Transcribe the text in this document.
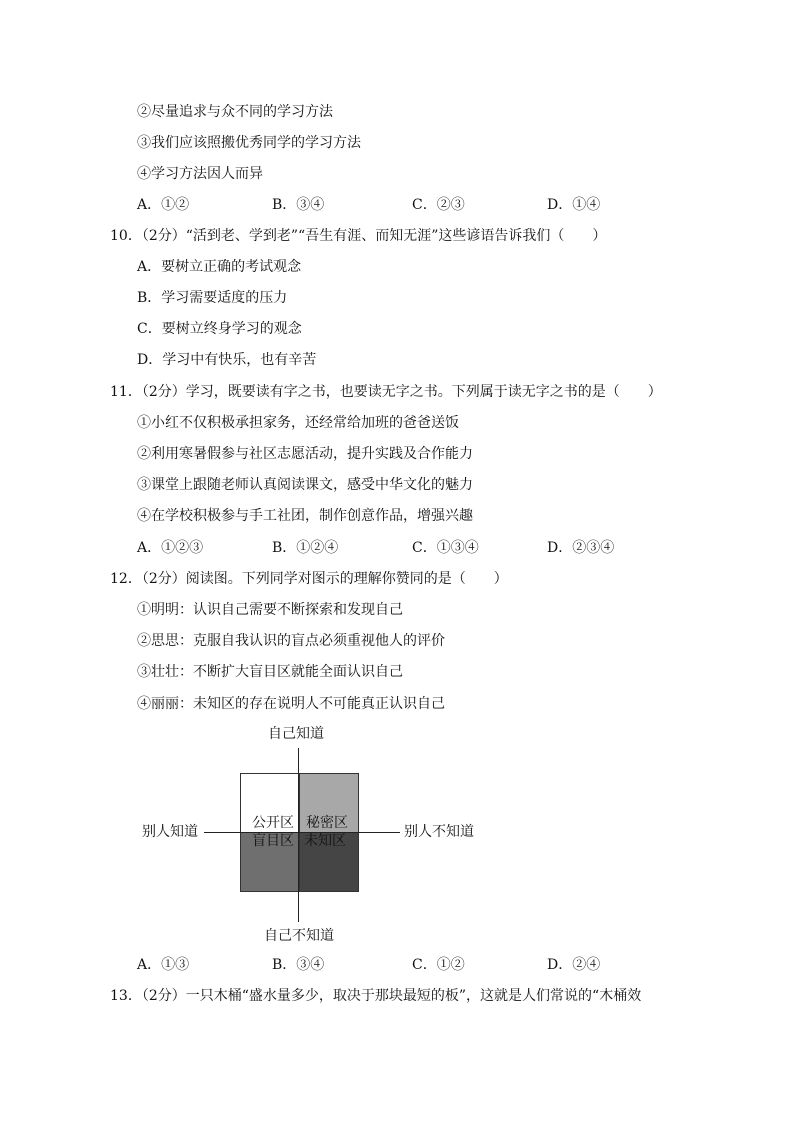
②尽量追求与众不同的学习方法
③我们应该照搬优秀同学的学习方法
④学习方法因人而异
A．①②	B．③④	C．②③	D．①④
10．（2分）“活到老、学到老”“吾生有涯、而知无涯”这些谚语告诉我们（　　）
A．要树立正确的考试观念
B．学习需要适度的压力
C．要树立终身学习的观念
D．学习中有快乐，也有辛苦
11．（2分）学习，既要读有字之书，也要读无字之书。下列属于读无字之书的是（　　）
①小红不仅积极承担家务，还经常给加班的爸爸送饭
②利用寒暑假参与社区志愿活动，提升实践及合作能力
③课堂上跟随老师认真阅读课文，感受中华文化的魅力
④在学校积极参与手工社团，制作创意作品，增强兴趣
A．①②③	B．①②④	C．①③④	D．②③④
12．（2分）阅读图。下列同学对图示的理解你赞同的是（　　）
①明明：认识自己需要不断探索和发现自己
②思思：克服自我认识的盲点必须重视他人的评价
③壮壮：不断扩大盲目区就能全面认识自己
④丽丽：未知区的存在说明人不可能真正认识自己
自己知道
自己不知道
别人知道	别人不知道
公开区 秘密区
盲目区 未知区
A．①③	B．③④	C．①②	D．②④
13．（2分）一只木桶“盛水量多少，取决于那块最短的板”，这就是人们常说的“木桶效
